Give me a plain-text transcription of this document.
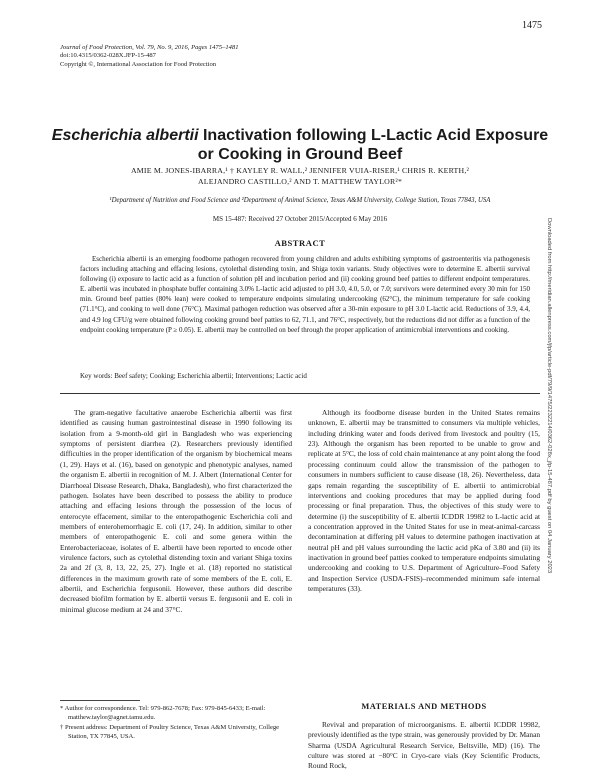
1475
Journal of Food Protection, Vol. 79, No. 9, 2016, Pages 1475–1481
doi:10.4315/0362-028X.JFP-15-487
Copyright ©, International Association for Food Protection
Downloaded from http://meridian.allenpress.com/jfp/article-pdf/79/9/1475/2232214/0362-028x_jfp-15-487.pdf by guest on 04 January 2023
Escherichia albertii Inactivation following L-Lactic Acid Exposure
or Cooking in Ground Beef
AMIE M. JONES-IBARRA,¹ † KAYLEY R. WALL,² JENNIFER VUIA-RISER,¹ CHRIS R. KERTH,²
ALEJANDRO CASTILLO,² AND T. MATTHEW TAYLOR²*
¹Department of Nutrition and Food Science and ²Department of Animal Science, Texas A&M University, College Station, Texas 77843, USA
MS 15-487: Received 27 October 2015/Accepted 6 May 2016
ABSTRACT

Escherichia albertii is an emerging foodborne pathogen recovered from young children and adults exhibiting symptoms of gastroenteritis via pathogenesis factors including attaching and effacing lesions, cytolethal distending toxin, and Shiga toxin variants. Study objectives were to determine E. albertii survival following (i) exposure to lactic acid as a function of solution pH and incubation period and (ii) cooking ground beef patties to different endpoint temperatures. E. albertii was incubated in phosphate buffer containing 3.0% L-lactic acid adjusted to pH 3.0, 4.0, 5.0, or 7.0; survivors were determined every 30 min for 150 min. Ground beef patties (80% lean) were cooked to temperature endpoints simulating undercooking (62°C), the minimum temperature for safe cooking (71.1°C), and cooking to well done (76°C). Maximal pathogen reduction was observed after a 30-min exposure to pH 3.0 L-lactic acid. Reductions of 3.9, 4.4, and 4.9 log CFU/g were obtained following cooking ground beef patties to 62, 71.1, and 76°C, respectively, but the reductions did not differ as a function of the endpoint cooking temperature (P ≥ 0.05). E. albertii may be controlled on beef through the proper application of antimicrobial interventions and cooking.

Key words: Beef safety; Cooking; Escherichia albertii; Interventions; Lactic acid

The gram-negative facultative anaerobe Escherichia albertii was first identified as causing human gastrointestinal disease in 1990 following its isolation from a 9-month-old girl in Bangladesh who was experiencing symptoms of persistent diarrhea (2). Researchers previously identified difficulties in the proper identification of the organism by biochemical means (1, 29). Hays et al. (16), based on genotypic and phenotypic analyses, named the organism E. albertii in recognition of M. J. Albert (International Center for Diarrhoeal Disease Research, Dhaka, Bangladesh), who first characterized the pathogen. Isolates have been described to possess the ability to produce attaching and effacing lesions through the possession of the locus of enterocyte effacement, similar to the enteropathogenic Escherichia coli and members of enterohemorrhagic E. coli (17, 24). In addition, similar to other members of enteropathogenic E. coli and some genera within the Enterobacteriaceae, isolates of E. albertii have been reported to encode other virulence factors, such as cytolethal distending toxin and variant Shiga toxins 2a and 2f (3, 8, 13, 22, 25, 27). Ingle et al. (18) reported no statistical differences in the maximum growth rate of some members of the E. coli, E. albertii, and Escherichia fergusonii. However, these authors did describe decreased biofilm formation by E. albertii versus E. fergusonii and E. coli in minimal glucose medium at 24 and 37°C.

* Author for correspondence. Tel: 979-862-7678; Fax: 979-845-6433; E-mail: matthew.taylor@agnet.tamu.edu.

† Present address: Department of Poultry Science, Texas A&M University, College Station, TX 77845, USA.

Although its foodborne disease burden in the United States remains unknown, E. albertii may be transmitted to consumers via multiple vehicles, including drinking water and foods derived from livestock and poultry (15, 23). Although the organism has been reported to be unable to grow and replicate at 5°C, the loss of cold chain maintenance at any point along the food processing continuum could allow the transmission of the pathogen to consumers in numbers sufficient to cause disease (18, 26). Nevertheless, data gaps remain regarding the susceptibility of E. albertii to antimicrobial interventions and cooking procedures that may be applied during food processing or final preparation. Thus, the objectives of this study were to determine (i) the susceptibility of E. albertii ICDDR 19982 to L-lactic acid at a concentration approved in the United States for use in meat-animal-carcass decontamination at differing pH values to determine pathogen inactivation at neutral pH and pH values surrounding the lactic acid pKa of 3.80 and (ii) its inactivation in ground beef patties cooked to temperature endpoints simulating undercooking and cooking to U.S. Department of Agriculture–Food Safety and Inspection Service (USDA-FSIS)–recommended minimum safe internal temperatures (33).

MATERIALS AND METHODS

Revival and preparation of microorganisms. E. albertii ICDDR 19982, previously identified as the type strain, was generously provided by Dr. Manan Sharma (USDA Agricultural Research Service, Beltsville, MD) (16). The culture was stored at −80°C in Cryo-care vials (Key Scientific Products, Round Rock,
